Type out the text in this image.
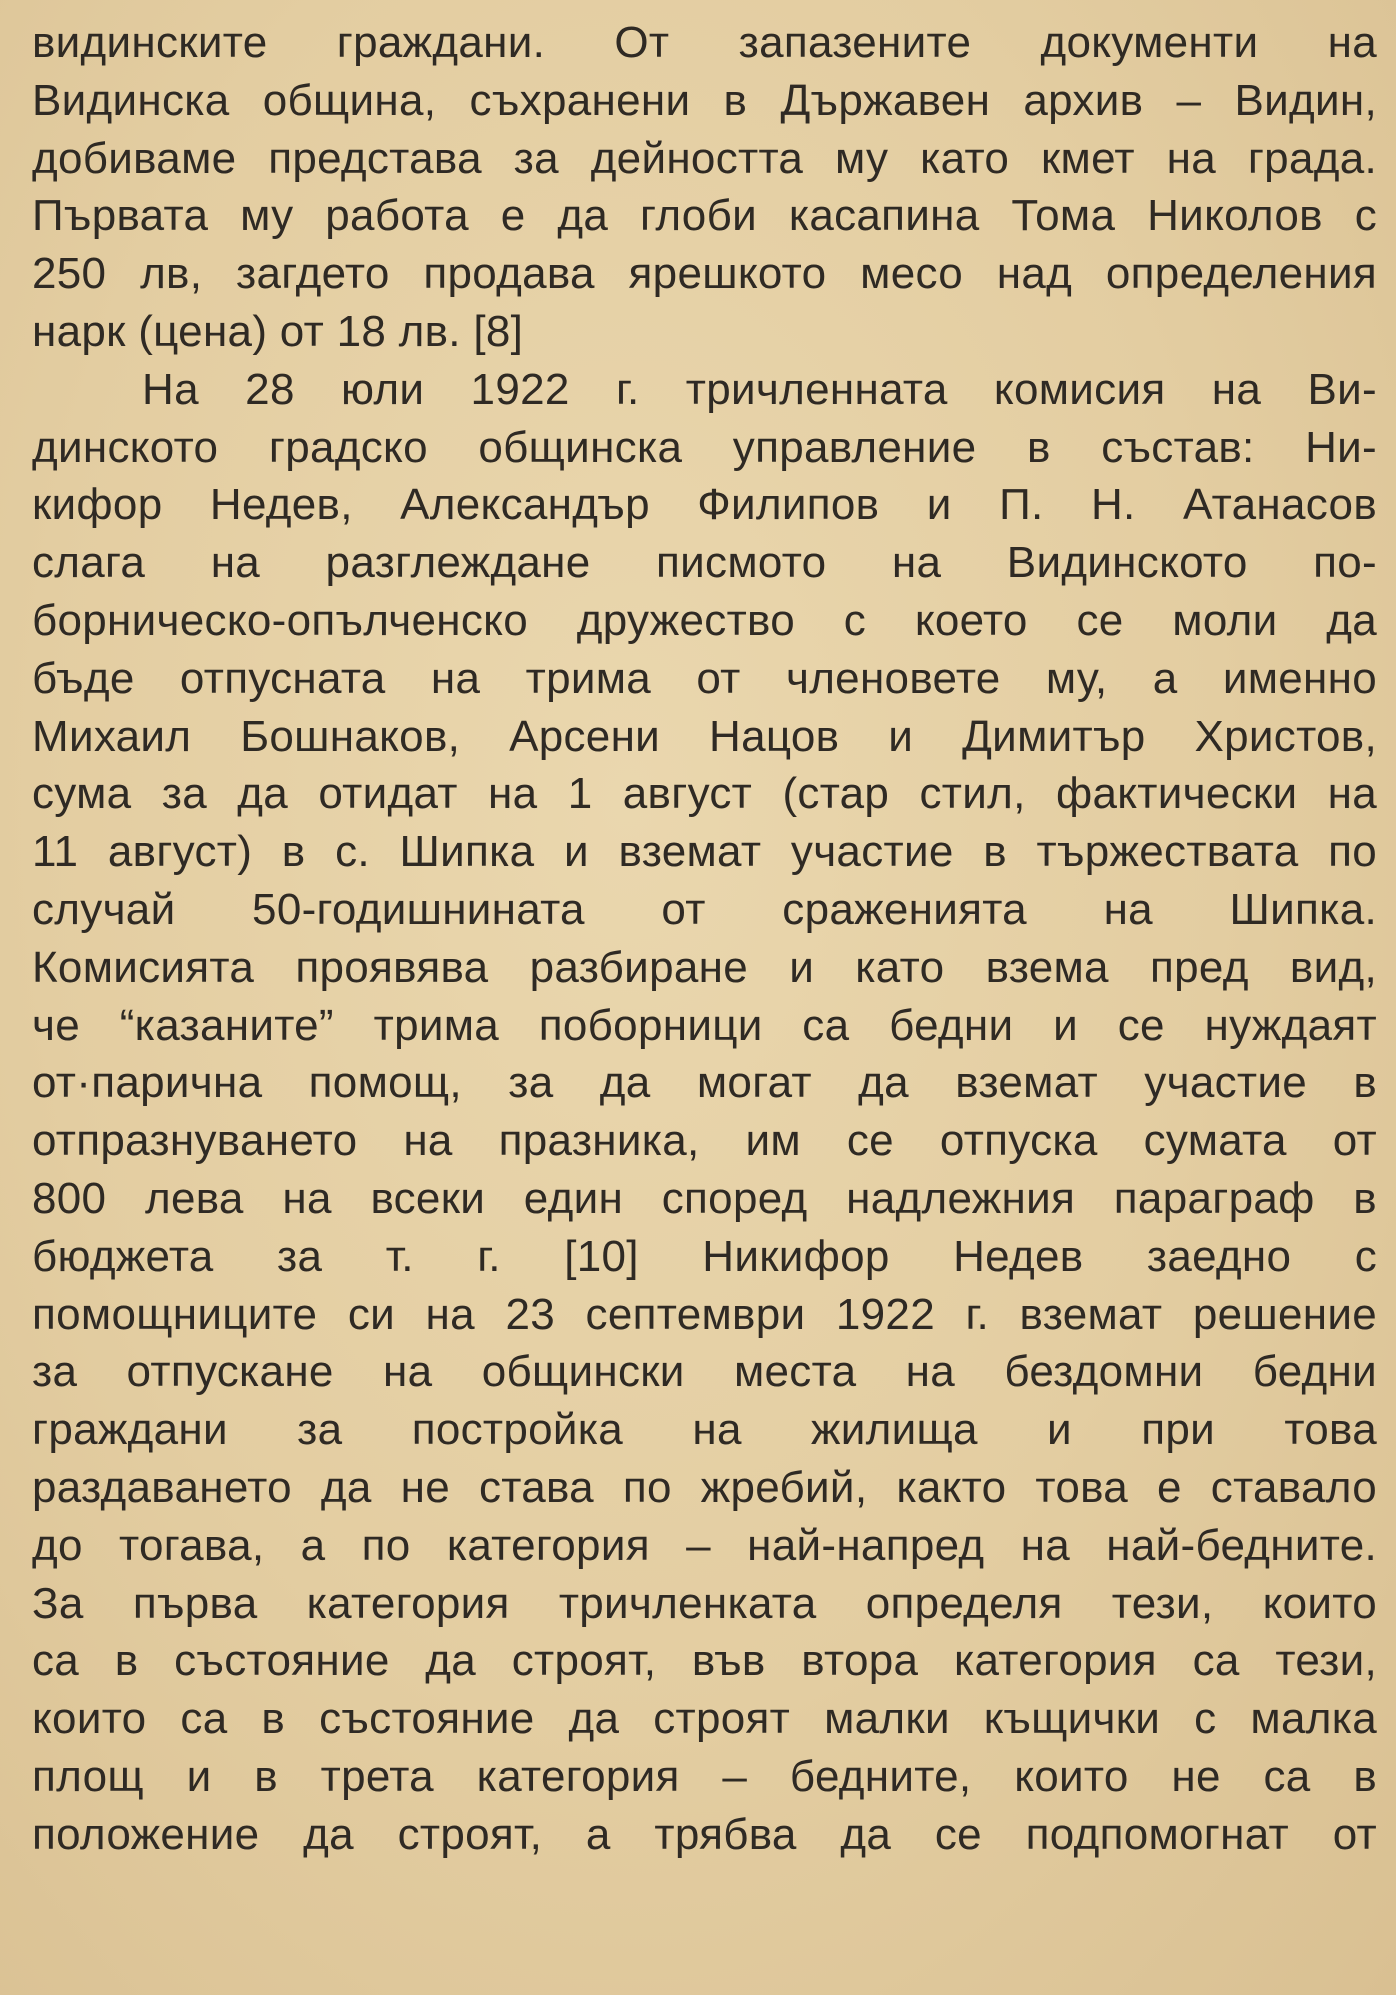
видинските граждани. От запазените документи на
Видинска община, съхранени в Държавен архив – Видин,
добиваме представа за дейността му като кмет на града.
Първата му работа е да глоби касапина Тома Николов с
250 лв, загдето продава ярешкото месо над определения
нарк (цена) от 18 лв. [8]
На 28 юли 1922 г. тричленната комисия на Ви-
динското градско общинска управление в състав: Ни-
кифор Недев, Александър Филипов и П. Н. Атанасов
слага на разглеждане писмото на Видинското по-
борническо-опълченско дружество с което се моли да
бъде отпусната на трима от членовете му, а именно
Михаил Бошнаков, Арсени Нацов и Димитър Христов,
сума за да отидат на 1 август (стар стил, фактически на
11 август) в с. Шипка и вземат участие в тържествата по
случай 50-годишнината от сраженията на Шипка.
Комисията проявява разбиране и като взема пред вид,
че “казаните” трима поборници са бедни и се нуждаят
от·парична помощ, за да могат да вземат участие в
отпразнуването на празника, им се отпуска сумата от
800 лева на всеки един според надлежния параграф в
бюджета за т. г. [10] Никифор Недев заедно с
помощниците си на 23 септември 1922 г. вземат решение
за отпускане на общински места на бездомни бедни
граждани за постройка на жилища и при това
раздаването да не става по жребий, както това е ставало
до тогава, а по категория – най-напред на най-бедните.
За първа категория тричленката определя тези, които
са в състояние да строят, във втора категория са тези,
които са в състояние да строят малки къщички с малка
площ и в трета категория – бедните, които не са в
положение да строят, а трябва да се подпомогнат от
